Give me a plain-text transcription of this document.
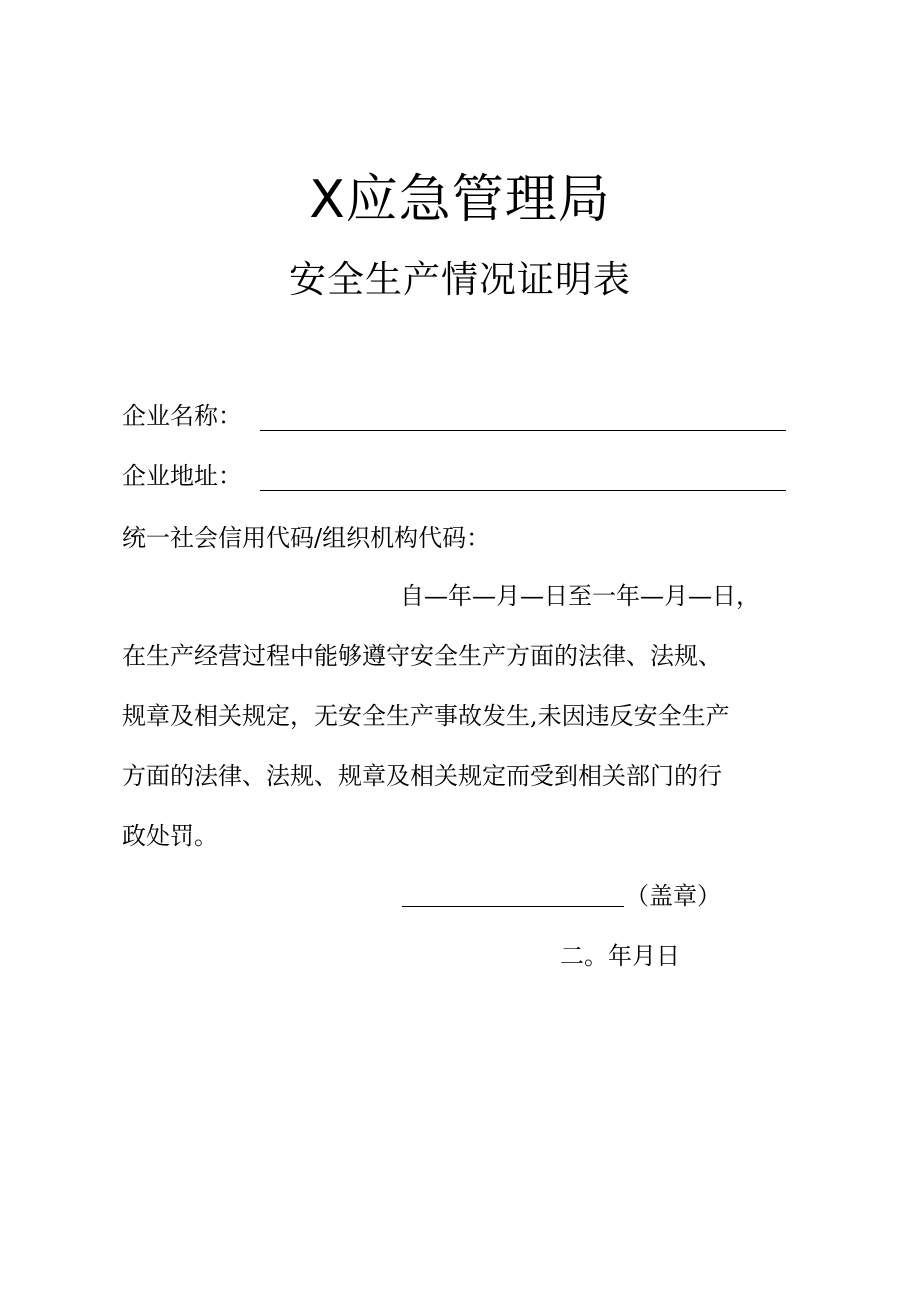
X应急管理局
安全生产情况证明表
企业名称：
企业地址：
统一社会信用代码/组织机构代码：
自—年—月—日至一年—月—日，
在生产经营过程中能够遵守安全生产方面的法律、法规、
规章及相关规定，无安全生产事故发生,未因违反安全生产
方面的法律、法规、规章及相关规定而受到相关部门的行
政处罚。
（盖章）
二。年月日
